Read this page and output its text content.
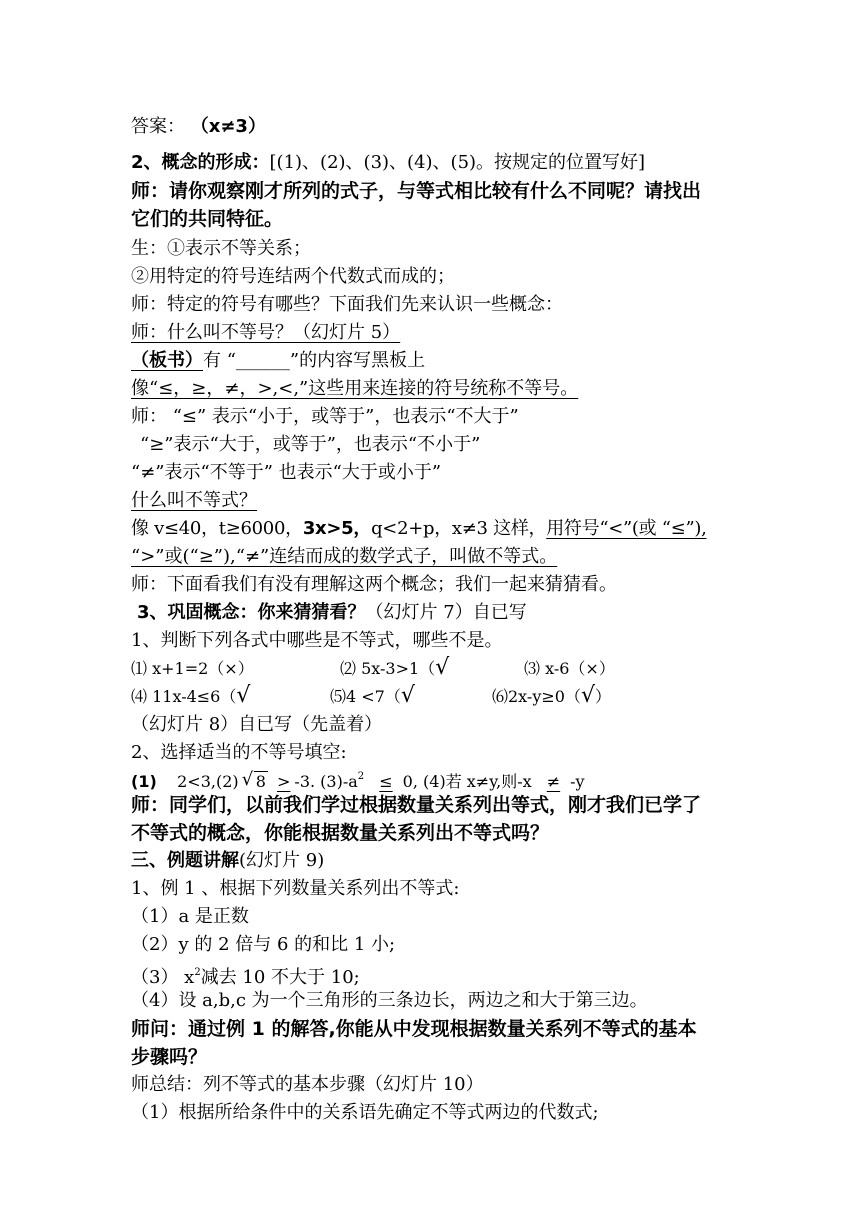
答案： （x≠3）
2、概念的形成：[(1)、(2)、(3)、(4)、(5)。按规定的位置写好]
师：请你观察刚才所列的式子，与等式相比较有什么不同呢？请找出
它们的共同特征。
生：①表示不等关系；
②用特定的符号连结两个代数式而成的；
师：特定的符号有哪些？下面我们先来认识一些概念：
师：什么叫不等号？（幻灯片 5）
（板书）有 “______”的内容写黑板上
像“≤，≥，≠，>,<,”这些用来连接的符号统称不等号。
师： “≤” 表示“小于，或等于”，也表示“不大于”
“≥”表示“大于，或等于”，也表示“不小于”
“≠”表示“不等于” 也表示“大于或小于”
什么叫不等式？
像 v≤40，t≥6000，3x>5，q<2+p，x≠3 这样，用符号“<”(或 “≤”),
“>”或(“≥”),“≠”连结而成的数学式子，叫做不等式。
师：下面看我们有没有理解这两个概念；我们一起来猜猜看。
3、巩固概念：你来猜猜看？（幻灯片 7）自已写
1、判断下列各式中哪些是不等式，哪些不是。
⑴ x+1=2（×）	⑵ 5x-3>1（√	⑶ x-6（×）
⑷ 11x-4≤6（√	⑸4 <7（√	⑹2x-y≥0（√）
（幻灯片 8）自已写（先盖着）
2、选择适当的不等号填空:
(1) 2<3,(2) √ 8 > -3. $(3)-a^2 \le 0$, (4)若 x≠y,则-x ≠ -y
师：同学们，以前我们学过根据数量关系列出等式，刚才我们已学了
不等式的概念，你能根据数量关系列出不等式吗？
三、例题讲解(幻灯片 9)
1、例 1 、根据下列数量关系列出不等式:
（1）a 是正数
（2）y 的 2 倍与 6 的和比 1 小;
（3） $x^2$减去 10 不大于 10;
（4）设 a,b,c 为一个三角形的三条边长，两边之和大于第三边。
师问：通过例 1 的解答,你能从中发现根据数量关系列不等式的基本
步骤吗？
师总结：列不等式的基本步骤（幻灯片 10）
（1）根据所给条件中的关系语先确定不等式两边的代数式;
